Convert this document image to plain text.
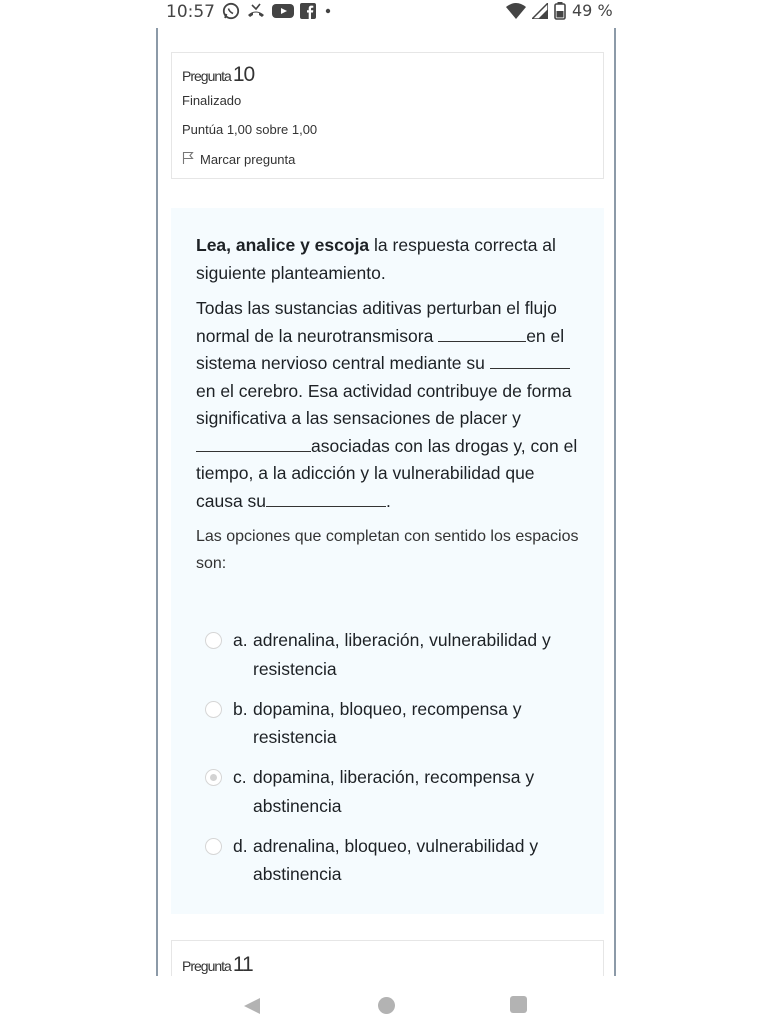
10:57	49 %
Pregunta 10
Finalizado
Puntúa 1,00 sobre 1,00
Marcar pregunta

Lea, analice y escoja la respuesta correcta al siguiente planteamiento.

Todas las sustancias aditivas perturban el flujo normal de la neurotransmisora	en el sistema nervioso central mediante su  en el cerebro. Esa actividad contribuye de forma significativa a las sensaciones de placer y asociadas con las drogas y, con el tiempo, a la adicción y la vulnerabilidad que causa su	.

Las opciones que completan con sentido los espacios son:

a. adrenalina, liberación, vulnerabilidad y resistencia
b. dopamina, bloqueo, recompensa y resistencia
c. dopamina, liberación, recompensa y abstinencia
d. adrenalina, bloqueo, vulnerabilidad y abstinencia
Pregunta 11
